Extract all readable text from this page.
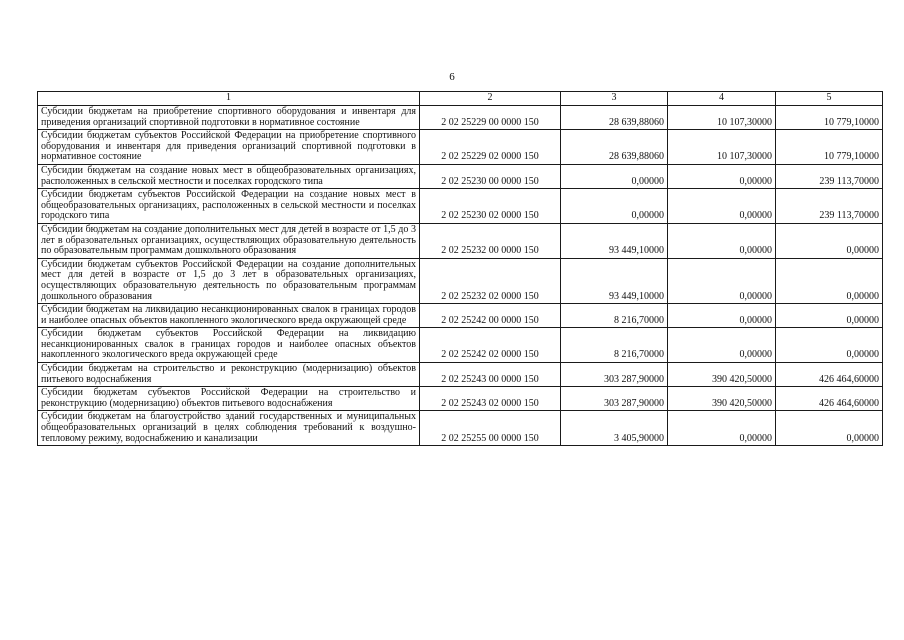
6
1	2	3	4	5

Субсидии бюджетам на приобретение спортивного оборудования и инвентаря для приведения организаций спортивной подготовки в нормативное состояние	2 02 25229 00 0000 150	28 639,88060	10 107,30000	10 779,10000

Субсидии бюджетам субъектов Российской Федерации на приобретение спортивного оборудования и инвентаря для приведения организаций спортивной подготовки в нормативное состояние	2 02 25229 02 0000 150	28 639,88060	10 107,30000	10 779,10000

Субсидии бюджетам на создание новых мест в общеобразовательных организациях, расположенных в сельской местности и поселках городского типа	2 02 25230 00 0000 150	0,00000	0,00000	239 113,70000

Субсидии бюджетам субъектов Российской Федерации на создание новых мест в общеобразовательных организациях, расположенных в сельской местности и поселках городского типа	2 02 25230 02 0000 150	0,00000	0,00000	239 113,70000

Субсидии бюджетам на создание дополнительных мест для детей в возрасте от 1,5 до 3 лет в образовательных организациях, осуществляющих образовательную деятельность по образовательным программам дошкольного образования	2 02 25232 00 0000 150	93 449,10000	0,00000	0,00000

Субсидии бюджетам субъектов Российской Федерации на создание дополнительных мест для детей в возрасте от 1,5 до 3 лет в образовательных организациях, осуществляющих образовательную деятельность по образовательным программам дошкольного образования	2 02 25232 02 0000 150	93 449,10000	0,00000	0,00000

Субсидии бюджетам на ликвидацию несанкционированных свалок в границах городов и наиболее опасных объектов накопленного экологического вреда окружающей среде	2 02 25242 00 0000 150	8 216,70000	0,00000	0,00000

Субсидии бюджетам субъектов Российской Федерации на ликвидацию несанкционированных свалок в границах городов и наиболее опасных объектов накопленного экологического вреда окружающей среде	2 02 25242 02 0000 150	8 216,70000	0,00000	0,00000

Субсидии бюджетам на строительство и реконструкцию (модернизацию) объектов питьевого водоснабжения	2 02 25243 00 0000 150	303 287,90000	390 420,50000	426 464,60000

Субсидии бюджетам субъектов Российской Федерации на строительство и реконструкцию (модернизацию) объектов питьевого водоснабжения	2 02 25243 02 0000 150	303 287,90000	390 420,50000	426 464,60000

Субсидии бюджетам на благоустройство зданий государственных и муниципальных общеобразовательных организаций в целях соблюдения требований к воздушно-тепловому режиму, водоснабжению и канализации	2 02 25255 00 0000 150	3 405,90000	0,00000	0,00000
